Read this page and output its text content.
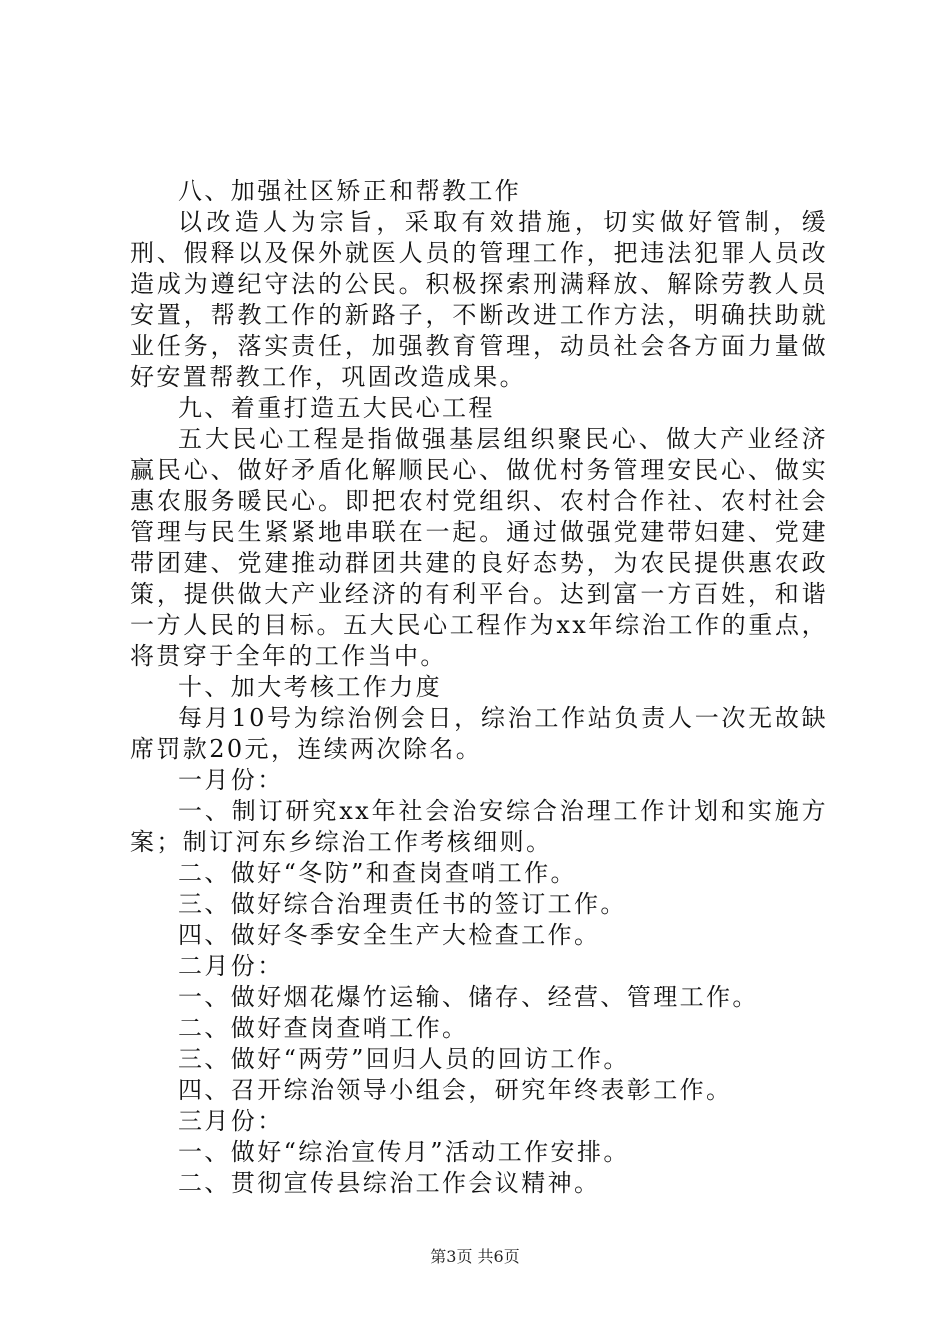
八、加强社区矫正和帮教工作

以改造人为宗旨，采取有效措施，切实做好管制，缓刑、假释以及保外就医人员的管理工作，把违法犯罪人员改造成为遵纪守法的公民。积极探索刑满释放、解除劳教人员安置，帮教工作的新路子，不断改进工作方法，明确扶助就业任务，落实责任，加强教育管理，动员社会各方面力量做好安置帮教工作，巩固改造成果。

九、着重打造五大民心工程

五大民心工程是指做强基层组织聚民心、做大产业经济赢民心、做好矛盾化解顺民心、做优村务管理安民心、做实惠农服务暖民心。即把农村党组织、农村合作社、农村社会管理与民生紧紧地串联在一起。通过做强党建带妇建、党建带团建、党建推动群团共建的良好态势，为农民提供惠农政策，提供做大产业经济的有利平台。达到富一方百姓，和谐一方人民的目标。五大民心工程作为xx年综治工作的重点，将贯穿于全年的工作当中。

十、加大考核工作力度

每月10号为综治例会日，综治工作站负责人一次无故缺席罚款20元，连续两次除名。

一月份：

一、制订研究xx年社会治安综合治理工作计划和实施方案；制订河东乡综治工作考核细则。

二、做好“冬防”和查岗查哨工作。

三、做好综合治理责任书的签订工作。

四、做好冬季安全生产大检查工作。

二月份：

一、做好烟花爆竹运输、储存、经营、管理工作。

二、做好查岗查哨工作。

三、做好“两劳”回归人员的回访工作。

四、召开综治领导小组会，研究年终表彰工作。

三月份：

一、做好“综治宣传月”活动工作安排。

二、贯彻宣传县综治工作会议精神。

第3页 共6页
